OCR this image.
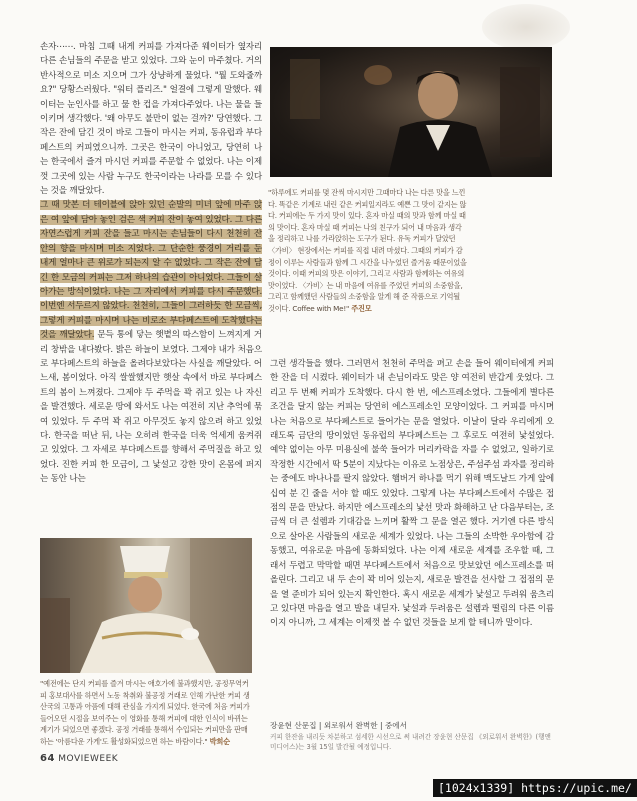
손자⋯⋯. 마침 그때 내게 커피를 가져다준 웨이터가 옆자리 다른 손님들의 주문을 받고 있었다. 그와 눈이 마주쳤다. 거의 반사적으로 미소 지으며 그가 상냥하게 물었다. "뭘 도와줄까요?" 당황스러웠다. "워터 플리즈." 얼결에 그렇게 말했다. 웨이터는 눈인사를 하고 물 한 컵을 가져다주었다. 나는 물을 들이키며 생각했다. '왜 아무도 불만이 없는 걸까?' 당연했다. 그 작은 잔에 담긴 것이 바로 그들이 마시는 커피, 동유럽과 부다페스트의 커피였으니까. 그곳은 한국이 아니었고, 당연히 나는 한국에서 즐겨 마시던 커피를 주문할 수 없었다. 나는 이제껏 그곳에 있는 사람 누구도 한국이라는 나라를 모를 수 있다는 것을 깨달았다.

그 때 맛본 더 테이블에 앉아 있던 순발의 미녀 앞에 마주 앉은 여 앞에 담아 놓인 검은 색 커피 잔이 놓여 있었다. 그 다른 자연스럽게 커피 잔을 들고 마시는 손님들이 다시 천천히 잔 안의 향을 마시며 미소 지었다. 그 단순한 풍경이 거리를 둔 내게 얼마나 큰 위로가 되는지 알 수 없었다. 그 작은 잔에 담긴 한 모금의 커피는 그저 하나의 습관이 아니었다. 그들이 살아가는 방식이었다. 나는 그 자리에서 커피를 다시 주문했다. 이번엔 서두르지 않았다. 천천히, 그들이 그러하듯 한 모금씩, 그렇게 커피를 마시며 나는 비로소 부다페스트에 도착했다는 것을 깨달았다. 문득 통에 닿는 햇볕의 따스함이 느껴지게 거리 창밖을 내다봤다. 밝은 하늘이 보였다. 그제야 내가 처음으로 부다페스트의 하늘을 올려다보았다는 사실을 깨달았다. 어느새, 봄이었다. 아직 쌀쌀했지만 햇살 속에서 바로 부다페스트의 봄이 느껴졌다. 그제야 두 주먹을 꽉 쥐고 있는 나 자신을 발견했다. 세로운 땅에 와서도 나는 여전히 지난 추억에 묶여 있었다. 두 주먹 꽉 쥐고 아무것도 놓지 않으려 하고 있었다. 한국을 떠난 뒤, 나는 오히려 한국을 더욱 억세게 움켜쥐고 있었다. 그 자세로 부다페스트를 향해서 주먹질을 하고 있었다. 진한 커피 한 모금이, 그 낯설고 강한 맛이 온몸에 퍼지는 동안 나는

"하루에도 커피를 몇 잔씩 마시지만 그때마다 나는 다른 맛을 느낀다. 똑같은 기계로 내린 같은 커피일지라도 예쁜 그 맛이 같지는 않다. 커피에는 두 가지 맛이 있다. 혼자 마실 때의 맛과 함께 마실 때의 맛이다. 혼자 마실 때 커피는 나의 친구가 되어 내 마음과 생각을 정리하고 나를 가라앉히는 도구가 된다. 유독 커피가 달았던 〈가비〉 현장에서는 커피를 직접 내려 마셨다. 그때의 커피가 감정이 이루는 사람들과 함께 그 시간을 나누었던 즐거움 때문이었을 것이다. 이때 커피의 맛은 이야기, 그리고 사람과 함께하는 여유의 맛이었다. 〈가비〉는 내 마음에 여유를 주었던 커피의 소중함을, 그리고 함께했던 사람들의 소중함을 알게 해 준 작품으로 기억될 것이다. Coffee with Me!" 주진모

그런 생각들을 했다. 그러면서 천천히 주먹을 펴고 손을 들어 웨이터에게 커피 한 잔을 더 시켰다. 웨이터가 내 손님이라도 맞은 양 여전히 반갑게 웃었다. 그리고 두 번째 커피가 도착했다. 다시 한 번, 에스프레소였다. 그들에게 별다른 조건을 달지 않는 커피는 당연히 에스프레소인 모양이었다. 그 커피를 마시며 나는 처음으로 부다페스트로 들어가는 문을 열었다. 이날이 달라 우리에게 오래도록 금단의 땅이었던 동유럽의 부다페스트는 그 후로도 여전히 낯설었다. 예약 없이는 아무 미용실에 불쑥 들어가 머리카락을 자를 수 없었고, 일하기로 작정한 시간에서 딱 5분이 지났다는 이유로 노점상은, 주섬주섬 과자를 정리하는 중에도 바나나를 팔지 않았다. 햄버거 하나를 먹기 위해 맥도날드 가게 앞에 십여 분 긴 줄을 서야 할 때도 있었다. 그렇게 나는 부다페스트에서 수많은 접점의 문을 만났다. 하지만 에스프레소의 낯선 맛과 화해하고 난 다음부터는, 조금씩 더 큰 설렘과 기대감을 느끼며 활짝 그 문을 열곤 했다. 거기엔 다른 방식으로 살아온 사람들의 새로운 세계가 있었다. 나는 그들의 소박한 우아함에 감동했고, 여유로운 마음에 동화되었다. 나는 이제 새로운 세계를 조우할 때, 그래서 두렵고 막막할 때면 부다페스트에서 처음으로 맛보았던 에스프레소를 떠올린다. 그리고 내 두 손이 꽉 비어 있는지, 새로운 발견을 선사할 그 접점의 문을 열 준비가 되어 있는지 확인한다. 혹시 새로운 세계가 낯설고 두려워 움츠리고 있다면 마음을 열고 발을 내딛자. 낯설과 두려움은 설렘과 떨림의 다른 이름이지 아니까, 그 세계는 이제껏 볼 수 없던 것들을 보게 할 테니까 말이다.

"예전에는 단지 커피를 즐겨 마시는 애호가에 불과했지만, 공정무역커피 홍보대사를 하면서 노동 착취와 불공정 거래로 인해 가난한 커피 생산국의 고통과 아픔에 대해 관심을 가지게 되었다. 한국에 처음 커피가 들어오던 시절을 보여주는 이 영화를 통해 커피에 대한 인식이 바뀌는 계기가 되었으면 좋겠다. 공정 거래를 통해서 수입되는 커피만을 판매하는 '아름다운 가게'도 활성화되었으면 하는 바람이다." 박희순
장윤현 산문집 | 외로워서 완벽한 | 중에서
커피 한잔을 내리듯 차분하고 섬세한 시선으로 써 내려간 장윤현 산문집 《외로워서 완벽한》(행앤미디어스)는 3월 15일 발간될 예정입니다.
64 MOVIEWEEK
[1024x1339] https://upic.me/
